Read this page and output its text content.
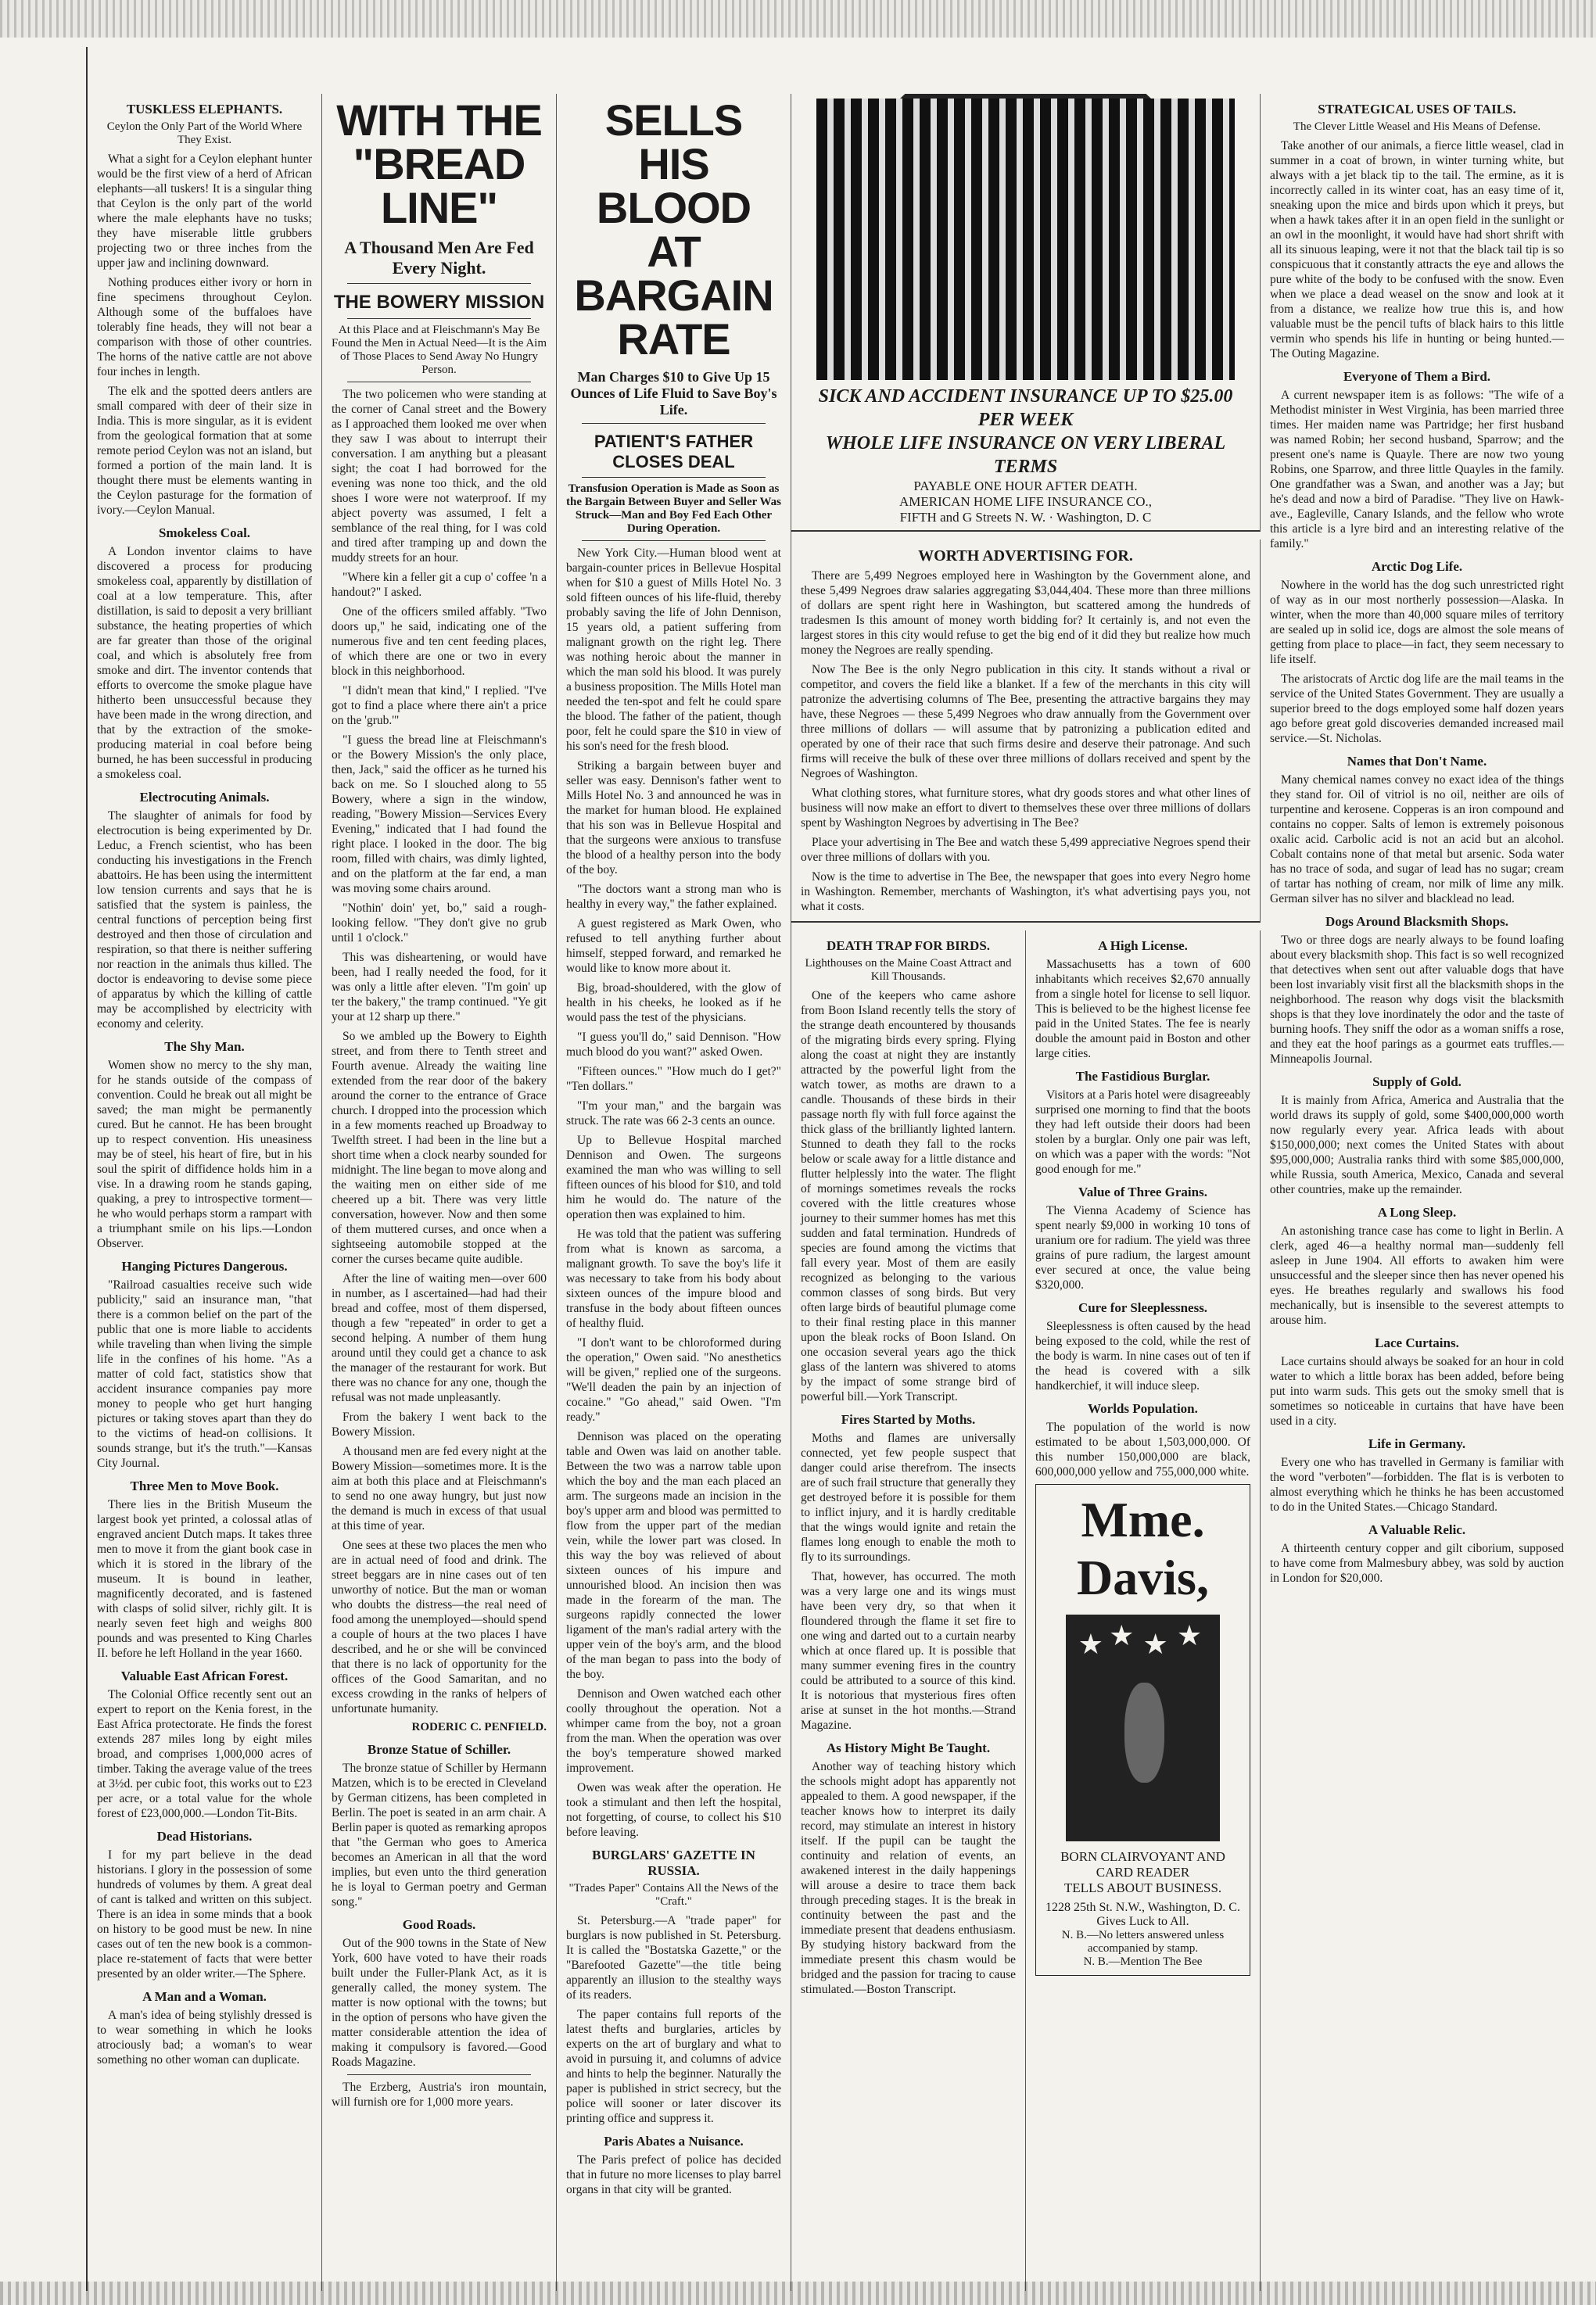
TUSKLESS ELEPHANTS.
Ceylon the Only Part of the World Where They Exist.

What a sight for a Ceylon elephant hunter would be the first view of a herd of African elephants—all tuskers! It is a singular thing that Ceylon is the only part of the world where the male elephants have no tusks; they have miserable little grubbers projecting two or three inches from the upper jaw and inclining downward.

Nothing produces either ivory or horn in fine specimens throughout Ceylon. Although some of the buffaloes have tolerably fine heads, they will not bear a comparison with those of other countries. The horns of the native cattle are not above four inches in length.

The elk and the spotted deers antlers are small compared with deer of their size in India. This is more singular, as it is evident from the geological formation that at some remote period Ceylon was not an island, but formed a portion of the main land. It is thought there must be elements wanting in the Ceylon pasturage for the formation of ivory.—Ceylon Manual.

Smokeless Coal.

A London inventor claims to have discovered a process for producing smokeless coal, apparently by distillation of coal at a low temperature. This, after distillation, is said to deposit a very brilliant substance, the heating properties of which are far greater than those of the original coal, and which is absolutely free from smoke and dirt. The inventor contends that efforts to overcome the smoke plague have hitherto been unsuccessful because they have been made in the wrong direction, and that by the extraction of the smoke-producing material in coal before being burned, he has been successful in producing a smokeless coal.

Electrocuting Animals.

The slaughter of animals for food by electrocution is being experimented by Dr. Leduc, a French scientist, who has been conducting his investigations in the French abattoirs. He has been using the intermittent low tension currents and says that he is satisfied that the system is painless, the central functions of perception being first destroyed and then those of circulation and respiration, so that there is neither suffering nor reaction in the animals thus killed. The doctor is endeavoring to devise some piece of apparatus by which the killing of cattle may be accomplished by electricity with economy and celerity.

The Shy Man.

Women show no mercy to the shy man, for he stands outside of the compass of convention. Could he break out all might be saved; the man might be permanently cured. But he cannot. He has been brought up to respect convention. His uneasiness may be of steel, his heart of fire, but in his soul the spirit of diffidence holds him in a vise. In a drawing room he stands gaping, quaking, a prey to introspective torment—he who would perhaps storm a rampart with a triumphant smile on his lips.—London Observer.

Hanging Pictures Dangerous.

"Railroad casualties receive such wide publicity," said an insurance man, "that there is a common belief on the part of the public that one is more liable to accidents while traveling than when living the simple life in the confines of his home. "As a matter of cold fact, statistics show that accident insurance companies pay more money to people who get hurt hanging pictures or taking stoves apart than they do to the victims of head-on collisions. It sounds strange, but it's the truth."—Kansas City Journal.

Three Men to Move Book.

There lies in the British Museum the largest book yet printed, a colossal atlas of engraved ancient Dutch maps. It takes three men to move it from the giant book case in which it is stored in the library of the museum. It is bound in leather, magnificently decorated, and is fastened with clasps of solid silver, richly gilt. It is nearly seven feet high and weighs 800 pounds and was presented to King Charles II. before he left Holland in the year 1660.

Valuable East African Forest.

The Colonial Office recently sent out an expert to report on the Kenia forest, in the East Africa protectorate. He finds the forest extends 287 miles long by eight miles broad, and comprises 1,000,000 acres of timber. Taking the average value of the trees at 3½d. per cubic foot, this works out to £23 per acre, or a total value for the whole forest of £23,000,000.—London Tit-Bits.

Dead Historians.

I for my part believe in the dead historians. I glory in the possession of some hundreds of volumes by them. A great deal of cant is talked and written on this subject. There is an idea in some minds that a book on history to be good must be new. In nine cases out of ten the new book is a common-place re-statement of facts that were better presented by an older writer.—The Sphere.

A Man and a Woman.

A man's idea of being stylishly dressed is to wear something in which he looks atrociously bad; a woman's to wear something no other woman can duplicate.

WITH THE "BREAD LINE"
A Thousand Men Are Fed Every Night.
THE BOWERY MISSION
At this Place and at Fleischmann's May Be Found the Men in Actual Need—It is the Aim of Those Places to Send Away No Hungry Person.

The two policemen who were standing at the corner of Canal street and the Bowery as I approached them looked me over when they saw I was about to interrupt their conversation. I am anything but a pleasant sight; the coat I had borrowed for the evening was none too thick, and the old shoes I wore were not waterproof. If my abject poverty was assumed, I felt a semblance of the real thing, for I was cold and tired after tramping up and down the muddy streets for an hour.

"Where kin a feller git a cup o' coffee 'n a handout?" I asked.

One of the officers smiled affably. "Two doors up," he said, indicating one of the numerous five and ten cent feeding places, of which there are one or two in every block in this neighborhood.

"I didn't mean that kind," I replied. "I've got to find a place where there ain't a price on the 'grub.'"

"I guess the bread line at Fleischmann's or the Bowery Mission's the only place, then, Jack," said the officer as he turned his back on me. So I slouched along to 55 Bowery, where a sign in the window, reading, "Bowery Mission—Services Every Evening," indicated that I had found the right place. I looked in the door. The big room, filled with chairs, was dimly lighted, and on the platform at the far end, a man was moving some chairs around.

"Nothin' doin' yet, bo," said a rough-looking fellow. "They don't give no grub until 1 o'clock."

This was disheartening, or would have been, had I really needed the food, for it was only a little after eleven. "I'm goin' up ter the bakery," the tramp continued. "Ye git your at 12 sharp up there."

So we ambled up the Bowery to Eighth street, and from there to Tenth street and Fourth avenue. Already the waiting line extended from the rear door of the bakery around the corner to the entrance of Grace church. I dropped into the procession which in a few moments reached up Broadway to Twelfth street. I had been in the line but a short time when a clock nearby sounded for midnight. The line began to move along and the waiting men on either side of me cheered up a bit. There was very little conversation, however. Now and then some of them muttered curses, and once when a sightseeing automobile stopped at the corner the curses became quite audible.

After the line of waiting men—over 600 in number, as I ascertained—had had their bread and coffee, most of them dispersed, though a few "repeated" in order to get a second helping. A number of them hung around until they could get a chance to ask the manager of the restaurant for work. But there was no chance for any one, though the refusal was not made unpleasantly.

From the bakery I went back to the Bowery Mission.

A thousand men are fed every night at the Bowery Mission—sometimes more. It is the aim at both this place and at Fleischmann's to send no one away hungry, but just now the demand is much in excess of that usual at this time of year.

One sees at these two places the men who are in actual need of food and drink. The street beggars are in nine cases out of ten unworthy of notice. But the man or woman who doubts the distress—the real need of food among the unemployed—should spend a couple of hours at the two places I have described, and he or she will be convinced that there is no lack of opportunity for the offices of the Good Samaritan, and no excess crowding in the ranks of helpers of unfortunate humanity.

RODERIC C. PENFIELD.
Bronze Statue of Schiller.

The bronze statue of Schiller by Hermann Matzen, which is to be erected in Cleveland by German citizens, has been completed in Berlin. The poet is seated in an arm chair. A Berlin paper is quoted as remarking apropos that "the German who goes to America becomes an American in all that the word implies, but even unto the third generation he is loyal to German poetry and German song."

Good Roads.

Out of the 900 towns in the State of New York, 600 have voted to have their roads built under the Fuller-Plank Act, as it is generally called, the money system. The matter is now optional with the towns; but in the option of persons who have given the matter considerable attention the idea of making it compulsory is favored.—Good Roads Magazine.

The Erzberg, Austria's iron mountain, will furnish ore for 1,000 more years.

SELLS HIS BLOOD AT BARGAIN RATE
Man Charges $10 to Give Up 15 Ounces of Life Fluid to Save Boy's Life.
PATIENT'S FATHER CLOSES DEAL
Transfusion Operation is Made as Soon as the Bargain Between Buyer and Seller Was Struck—Man and Boy Fed Each Other During Operation.

New York City.—Human blood went at bargain-counter prices in Bellevue Hospital when for $10 a guest of Mills Hotel No. 3 sold fifteen ounces of his life-fluid, thereby probably saving the life of John Dennison, 15 years old, a patient suffering from malignant growth on the right leg. There was nothing heroic about the manner in which the man sold his blood. It was purely a business proposition. The Mills Hotel man needed the ten-spot and felt he could spare the blood. The father of the patient, though poor, felt he could spare the $10 in view of his son's need for the fresh blood.

Striking a bargain between buyer and seller was easy. Dennison's father went to Mills Hotel No. 3 and announced he was in the market for human blood. He explained that his son was in Bellevue Hospital and that the surgeons were anxious to transfuse the blood of a healthy person into the body of the boy.

"The doctors want a strong man who is healthy in every way," the father explained.

A guest registered as Mark Owen, who refused to tell anything further about himself, stepped forward, and remarked he would like to know more about it.

Big, broad-shouldered, with the glow of health in his cheeks, he looked as if he would pass the test of the physicians.

"I guess you'll do," said Dennison. "How much blood do you want?" asked Owen.

"Fifteen ounces." "How much do I get?" "Ten dollars."

"I'm your man," and the bargain was struck. The rate was 66 2-3 cents an ounce.

Up to Bellevue Hospital marched Dennison and Owen. The surgeons examined the man who was willing to sell fifteen ounces of his blood for $10, and told him he would do. The nature of the operation then was explained to him.

He was told that the patient was suffering from what is known as sarcoma, a malignant growth. To save the boy's life it was necessary to take from his body about sixteen ounces of the impure blood and transfuse in the body about fifteen ounces of healthy fluid.

"I don't want to be chloroformed during the operation," Owen said. "No anesthetics will be given," replied one of the surgeons. "We'll deaden the pain by an injection of cocaine." "Go ahead," said Owen. "I'm ready."

Dennison was placed on the operating table and Owen was laid on another table. Between the two was a narrow table upon which the boy and the man each placed an arm. The surgeons made an incision in the boy's upper arm and blood was permitted to flow from the upper part of the median vein, while the lower part was closed. In this way the boy was relieved of about sixteen ounces of his impure and unnourished blood. An incision then was made in the forearm of the man. The surgeons rapidly connected the lower ligament of the man's radial artery with the upper vein of the boy's arm, and the blood of the man began to pass into the body of the boy.

Dennison and Owen watched each other coolly throughout the operation. Not a whimper came from the boy, not a groan from the man. When the operation was over the boy's temperature showed marked improvement.

Owen was weak after the operation. He took a stimulant and then left the hospital, not forgetting, of course, to collect his $10 before leaving.

BURGLARS' GAZETTE IN RUSSIA.
"Trades Paper" Contains All the News of the "Craft."

St. Petersburg.—A "trade paper" for burglars is now published in St. Petersburg. It is called the "Bostatska Gazette," or the "Barefooted Gazette"—the title being apparently an illusion to the stealthy ways of its readers.

The paper contains full reports of the latest thefts and burglaries, articles by experts on the art of burglary and what to avoid in pursuing it, and columns of advice and hints to help the beginner. Naturally the paper is published in strict secrecy, but the police will sooner or later discover its printing office and suppress it.

Paris Abates a Nuisance.

The Paris prefect of police has decided that in future no more licenses to play barrel organs in that city will be granted.

SICK AND ACCIDENT INSURANCE UP TO $25.00 PER WEEK
WHOLE LIFE INSURANCE ON VERY LIBERAL TERMS
PAYABLE ONE HOUR AFTER DEATH.
AMERICAN HOME LIFE INSURANCE CO.,
FIFTH and G Streets N. W. · Washington, D. C
WORTH ADVERTISING FOR.

There are 5,499 Negroes employed here in Washington by the Government alone, and these 5,499 Negroes draw salaries aggregating $3,044,404. These more than three millions of dollars are spent right here in Washington, but scattered among the hundreds of tradesmen Is this amount of money worth bidding for? It certainly is, and not even the largest stores in this city would refuse to get the big end of it did they but realize how much money the Negroes are really spending.

Now The Bee is the only Negro publication in this city. It stands without a rival or competitor, and covers the field like a blanket. If a few of the merchants in this city will patronize the advertising columns of The Bee, presenting the attractive bargains they may have, these Negroes — these 5,499 Negroes who draw annually from the Government over three millions of dollars — will assume that by patronizing a publication edited and operated by one of their race that such firms desire and deserve their patronage. And such firms will receive the bulk of these over three millions of dollars received and spent by the Negroes of Washington.

What clothing stores, what furniture stores, what dry goods stores and what other lines of business will now make an effort to divert to themselves these over three millions of dollars spent by Washington Negroes by advertising in The Bee?

Place your advertising in The Bee and watch these 5,499 appreciative Negroes spend their over three millions of dollars with you.

Now is the time to advertise in The Bee, the newspaper that goes into every Negro home in Washington. Remember, merchants of Washington, it's what advertising pays you, not what it costs.

DEATH TRAP FOR BIRDS.
Lighthouses on the Maine Coast Attract and Kill Thousands.

One of the keepers who came ashore from Boon Island recently tells the story of the strange death encountered by thousands of the migrating birds every spring. Flying along the coast at night they are instantly attracted by the powerful light from the watch tower, as moths are drawn to a candle. Thousands of these birds in their passage north fly with full force against the thick glass of the brilliantly lighted lantern. Stunned to death they fall to the rocks below or scale away for a little distance and flutter helplessly into the water. The flight of mornings sometimes reveals the rocks covered with the little creatures whose journey to their summer homes has met this sudden and fatal termination. Hundreds of species are found among the victims that fall every year. Most of them are easily recognized as belonging to the various common classes of song birds. But very often large birds of beautiful plumage come to their final resting place in this manner upon the bleak rocks of Boon Island. On one occasion several years ago the thick glass of the lantern was shivered to atoms by the impact of some strange bird of powerful bill.—York Transcript.

Fires Started by Moths.

Moths and flames are universally connected, yet few people suspect that danger could arise therefrom. The insects are of such frail structure that generally they get destroyed before it is possible for them to inflict injury, and it is hardly creditable that the wings would ignite and retain the flames long enough to enable the moth to fly to its surroundings.

That, however, has occurred. The moth was a very large one and its wings must have been very dry, so that when it floundered through the flame it set fire to one wing and darted out to a curtain nearby which at once flared up. It is possible that many summer evening fires in the country could be attributed to a source of this kind. It is notorious that mysterious fires often arise at sunset in the hot months.—Strand Magazine.

As History Might Be Taught.

Another way of teaching history which the schools might adopt has apparently not appealed to them. A good newspaper, if the teacher knows how to interpret its daily record, may stimulate an interest in history itself. If the pupil can be taught the continuity and relation of events, an awakened interest in the daily happenings will arouse a desire to trace them back through preceding stages. It is the break in continuity between the past and the immediate present that deadens enthusiasm. By studying history backward from the immediate present this chasm would be bridged and the passion for tracing to cause stimulated.—Boston Transcript.

A High License.

Massachusetts has a town of 600 inhabitants which receives $2,670 annually from a single hotel for license to sell liquor. This is believed to be the highest license fee paid in the United States. The fee is nearly double the amount paid in Boston and other large cities.

The Fastidious Burglar.

Visitors at a Paris hotel were disagreeably surprised one morning to find that the boots they had left outside their doors had been stolen by a burglar. Only one pair was left, on which was a paper with the words: "Not good enough for me."

Value of Three Grains.

The Vienna Academy of Science has spent nearly $9,000 in working 10 tons of uranium ore for radium. The yield was three grains of pure radium, the largest amount ever secured at once, the value being $320,000.

Cure for Sleeplessness.

Sleeplessness is often caused by the head being exposed to the cold, while the rest of the body is warm. In nine cases out of ten if the head is covered with a silk handkerchief, it will induce sleep.

Worlds Population.

The population of the world is now estimated to be about 1,503,000,000. Of this number 150,000,000 are black, 600,000,000 yellow and 755,000,000 white.

Mme. Davis,
★ ★ ★ ★
BORN CLAIRVOYANT AND CARD READER
TELLS ABOUT BUSINESS.
1228 25th St. N.W., Washington, D. C.
Gives Luck to All.
N. B.—No letters answered unless accompanied by stamp.
N. B.—Mention The Bee
STRATEGICAL USES OF TAILS.
The Clever Little Weasel and His Means of Defense.

Take another of our animals, a fierce little weasel, clad in summer in a coat of brown, in winter turning white, but always with a jet black tip to the tail. The ermine, as it is incorrectly called in its winter coat, has an easy time of it, sneaking upon the mice and birds upon which it preys, but when a hawk takes after it in an open field in the sunlight or an owl in the moonlight, it would have had short shrift with all its sinuous leaping, were it not that the black tail tip is so conspicuous that it constantly attracts the eye and allows the pure white of the body to be confused with the snow. Even when we place a dead weasel on the snow and look at it from a distance, we realize how true this is, and how valuable must be the pencil tufts of black hairs to this little vermin who spends his life in hunting or being hunted.—The Outing Magazine.

Everyone of Them a Bird.

A current newspaper item is as follows: "The wife of a Methodist minister in West Virginia, has been married three times. Her maiden name was Partridge; her first husband was named Robin; her second husband, Sparrow; and the present one's name is Quayle. There are now two young Robins, one Sparrow, and three little Quayles in the family. One grandfather was a Swan, and another was a Jay; but he's dead and now a bird of Paradise. "They live on Hawk-ave., Eagleville, Canary Islands, and the fellow who wrote this article is a lyre bird and an interesting relative of the family."

Arctic Dog Life.

Nowhere in the world has the dog such unrestricted right of way as in our most northerly possession—Alaska. In winter, when the more than 40,000 square miles of territory are sealed up in solid ice, dogs are almost the sole means of getting from place to place—in fact, they seem necessary to life itself.

The aristocrats of Arctic dog life are the mail teams in the service of the United States Government. They are usually a superior breed to the dogs employed some half dozen years ago before great gold discoveries demanded increased mail service.—St. Nicholas.

Names that Don't Name.

Many chemical names convey no exact idea of the things they stand for. Oil of vitriol is no oil, neither are oils of turpentine and kerosene. Copperas is an iron compound and contains no copper. Salts of lemon is extremely poisonous oxalic acid. Carbolic acid is not an acid but an alcohol. Cobalt contains none of that metal but arsenic. Soda water has no trace of soda, and sugar of lead has no sugar; cream of tartar has nothing of cream, nor milk of lime any milk. German silver has no silver and blacklead no lead.

Dogs Around Blacksmith Shops.

Two or three dogs are nearly always to be found loafing about every blacksmith shop. This fact is so well recognized that detectives when sent out after valuable dogs that have been lost invariably visit first all the blacksmith shops in the neighborhood. The reason why dogs visit the blacksmith shops is that they love inordinately the odor and the taste of burning hoofs. They sniff the odor as a woman sniffs a rose, and they eat the hoof parings as a gourmet eats truffles.—Minneapolis Journal.

Supply of Gold.

It is mainly from Africa, America and Australia that the world draws its supply of gold, some $400,000,000 worth now regularly every year. Africa leads with about $150,000,000; next comes the United States with about $95,000,000; Australia ranks third with some $85,000,000, while Russia, south America, Mexico, Canada and several other countries, make up the remainder.

A Long Sleep.

An astonishing trance case has come to light in Berlin. A clerk, aged 46—a healthy normal man—suddenly fell asleep in June 1904. All efforts to awaken him were unsuccessful and the sleeper since then has never opened his eyes. He breathes regularly and swallows his food mechanically, but is insensible to the severest attempts to arouse him.

Lace Curtains.

Lace curtains should always be soaked for an hour in cold water to which a little borax has been added, before being put into warm suds. This gets out the smoky smell that is sometimes so noticeable in curtains that have have been used in a city.

Life in Germany.

Every one who has travelled in Germany is familiar with the word "verboten"—forbidden. The flat is is verboten to almost everything which he thinks he has been accustomed to do in the United States.—Chicago Standard.

A Valuable Relic.

A thirteenth century copper and gilt ciborium, supposed to have come from Malmesbury abbey, was sold by auction in London for $20,000.
